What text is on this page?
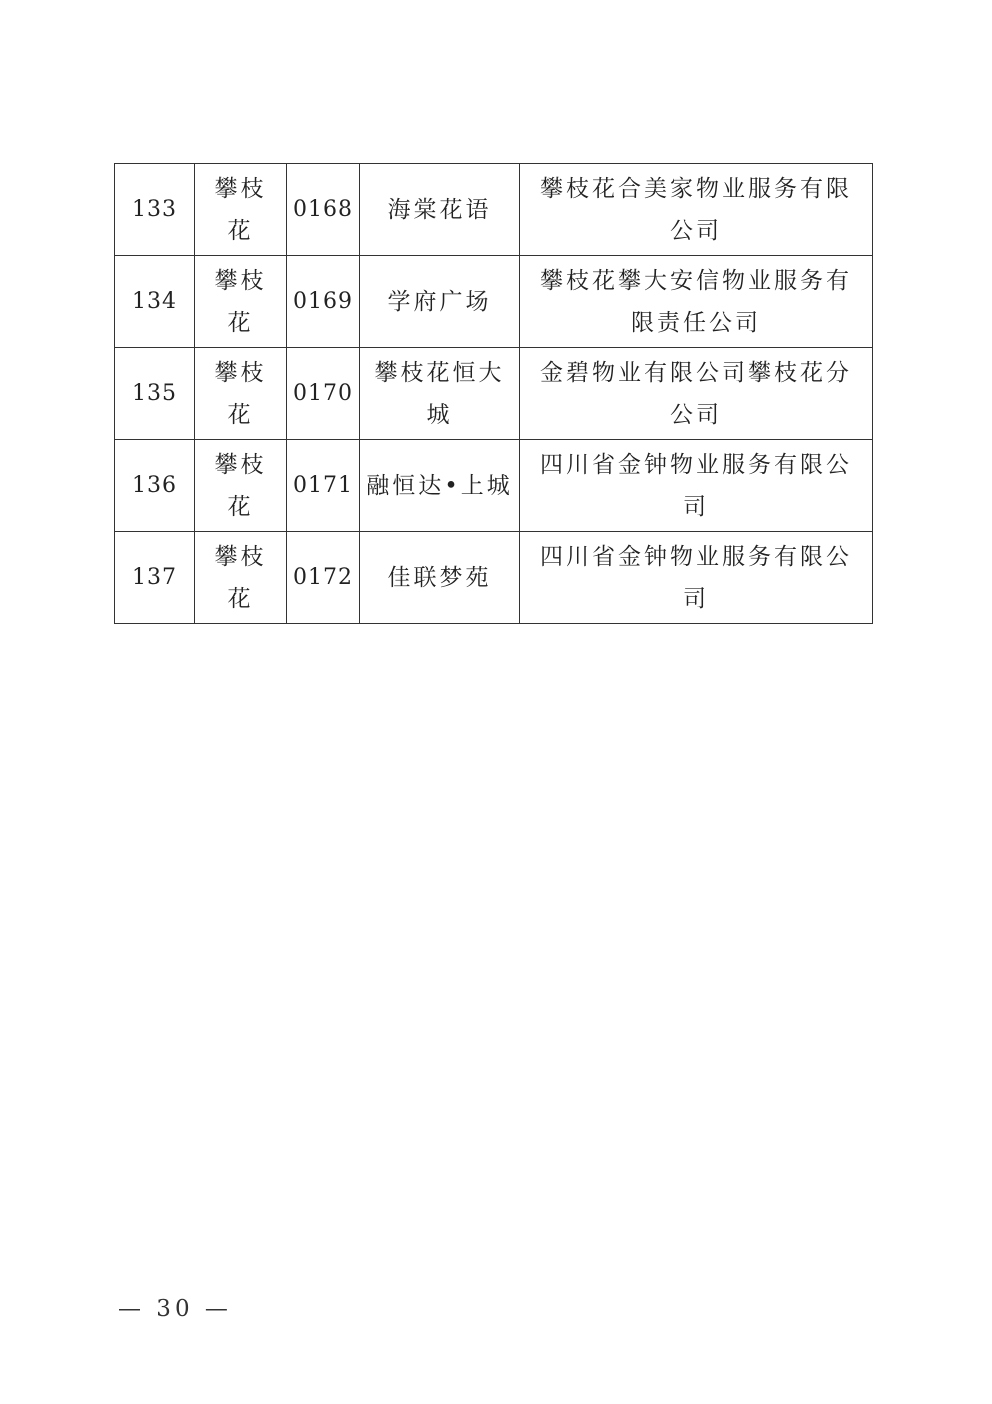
133	攀枝花	0168	海棠花语	攀枝花合美家物业服务有限公司
134	攀枝花	0169	学府广场	攀枝花攀大安信物业服务有限责任公司
135	攀枝花	0170	攀枝花恒大城	金碧物业有限公司攀枝花分公司
136	攀枝花	0171	融恒达•上城	四川省金钟物业服务有限公司
137	攀枝花	0172	佳联梦苑	四川省金钟物业服务有限公司
— 30 —
